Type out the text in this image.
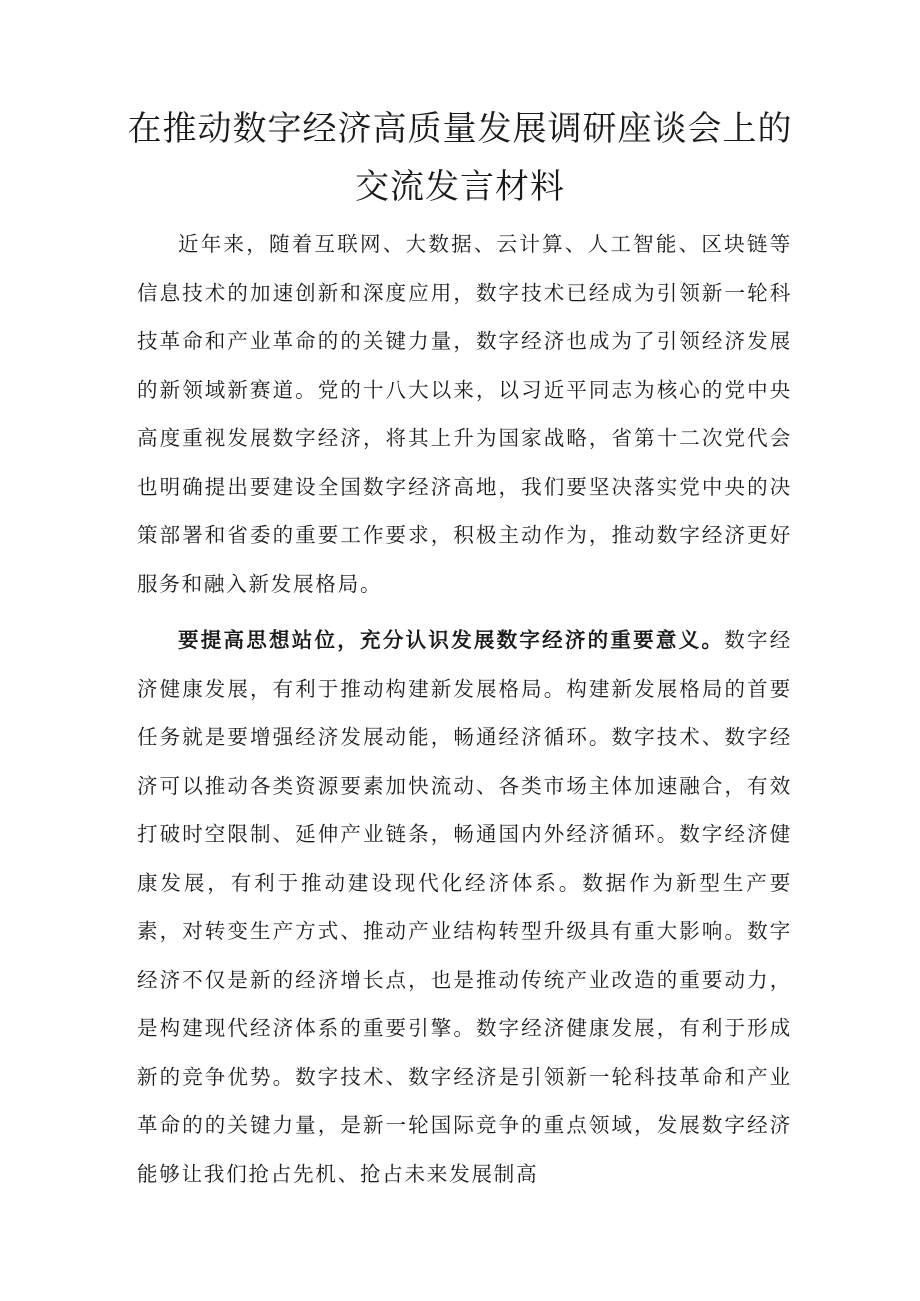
在推动数字经济高质量发展调研座谈会上的交流发言材料

近年来，随着互联网、大数据、云计算、人工智能、区块链等信息技术的加速创新和深度应用，数字技术已经成为引领新一轮科技革命和产业革命的的关键力量，数字经济也成为了引领经济发展的新领域新赛道。党的十八大以来，以习近平同志为核心的党中央高度重视发展数字经济，将其上升为国家战略，省第十二次党代会也明确提出要建设全国数字经济高地，我们要坚决落实党中央的决策部署和省委的重要工作要求，积极主动作为，推动数字经济更好服务和融入新发展格局。

要提高思想站位，充分认识发展数字经济的重要意义。数字经济健康发展，有利于推动构建新发展格局。构建新发展格局的首要任务就是要增强经济发展动能，畅通经济循环。数字技术、数字经济可以推动各类资源要素加快流动、各类市场主体加速融合，有效打破时空限制、延伸产业链条，畅通国内外经济循环。数字经济健康发展，有利于推动建设现代化经济体系。数据作为新型生产要素，对转变生产方式、推动产业结构转型升级具有重大影响。数字经济不仅是新的经济增长点，也是推动传统产业改造的重要动力，是构建现代经济体系的重要引擎。数字经济健康发展，有利于形成新的竞争优势。数字技术、数字经济是引领新一轮科技革命和产业革命的的关键力量，是新一轮国际竞争的重点领域，发展数字经济能够让我们抢占先机、抢占未来发展制高
